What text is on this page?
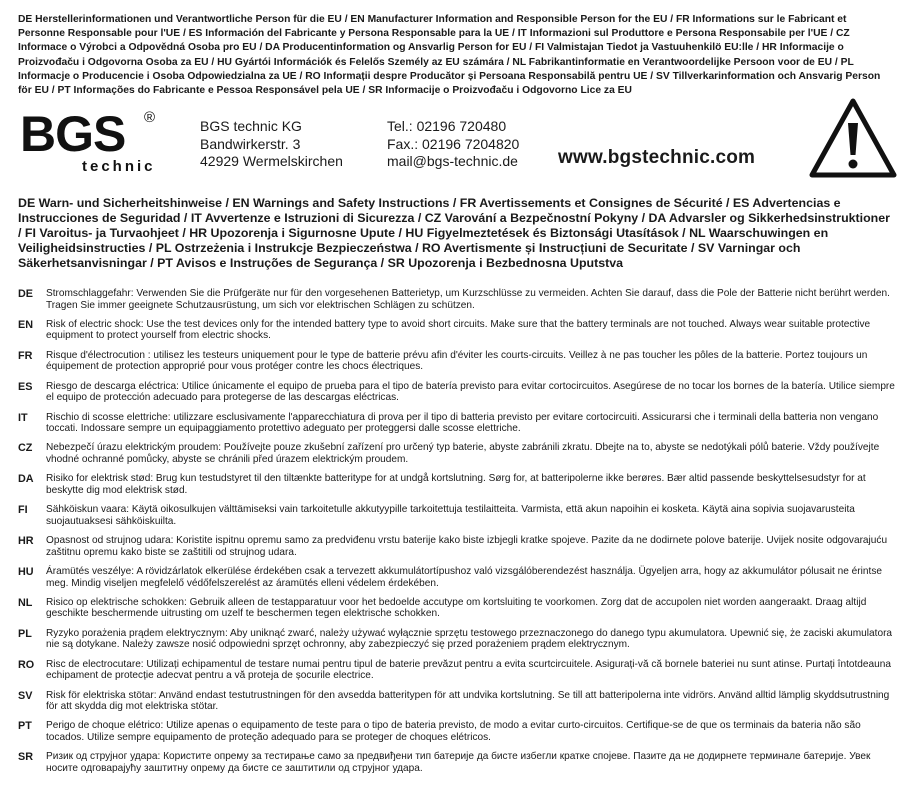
DE Herstellerinformationen und Verantwortliche Person für die EU / EN Manufacturer Information and Responsible Person for the EU / FR Informations sur le Fabricant et Personne Responsable pour l'UE / ES Información del Fabricante y Persona Responsable para la UE / IT Informazioni sul Produttore e Persona Responsabile per l'UE / CZ Informace o Výrobci a Odpovědná Osoba pro EU / DA Producentinformation og Ansvarlig Person for EU / FI Valmistajan Tiedot ja Vastuuhenkilö EU:lle / HR Informacije o Proizvođaču i Odgovorna Osoba za EU / HU Gyártói Információk és Felelős Személy az EU számára / NL Fabrikantinformatie en Verantwoordelijke Persoon voor de EU / PL Informacje o Producencie i Osoba Odpowiedzialna za UE / RO Informații despre Producător și Persoana Responsabilă pentru UE / SV Tillverkarinformation och Ansvarig Person för EU / PT Informações do Fabricante e Pessoa Responsável pela UE / SR Informacije o Proizvođaču i Odgovorno Lice za EU
BGS ®
technic
BGS technic KG
Bandwirkerstr. 3
42929 Wermelskirchen
Tel.: 02196 720480
Fax.: 02196 7204820
mail@bgs-technic.de www.bgstechnic.com
DE Warn- und Sicherheitshinweise / EN Warnings and Safety Instructions / FR Avertissements et Consignes de Sécurité / ES Advertencias e Instrucciones de Seguridad / IT Avvertenze e Istruzioni di Sicurezza / CZ Varování a Bezpečnostní Pokyny / DA Advarsler og Sikkerhedsinstruktioner / FI Varoitus- ja Turvaohjeet / HR Upozorenja i Sigurnosne Upute / HU Figyelmeztetések és Biztonsági Utasítások / NL Waarschuwingen en Veiligheidsinstructies / PL Ostrzeżenia i Instrukcje Bezpieczeństwa / RO Avertismente și Instrucțiuni de Securitate / SV Varningar och Säkerhetsanvisningar / PT Avisos e Instruções de Segurança / SR Upozorenja i Bezbednosna Uputstva
DE	Stromschlaggefahr: Verwenden Sie die Prüfgeräte nur für den vorgesehenen Batterietyp, um Kurzschlüsse zu vermeiden. Achten Sie darauf, dass die Pole der Batterie nicht berührt werden. Tragen Sie immer geeignete Schutzausrüstung, um sich vor elektrischen Schlägen zu schützen.
EN	Risk of electric shock: Use the test devices only for the intended battery type to avoid short circuits. Make sure that the battery terminals are not touched. Always wear suitable protective equipment to protect yourself from electric shocks.
FR	Risque d'électrocution : utilisez les testeurs uniquement pour le type de batterie prévu afin d'éviter les courts-circuits. Veillez à ne pas toucher les pôles de la batterie. Portez toujours un équipement de protection approprié pour vous protéger contre les chocs électriques.
ES	Riesgo de descarga eléctrica: Utilice únicamente el equipo de prueba para el tipo de batería previsto para evitar cortocircuitos. Asegúrese de no tocar los bornes de la batería. Utilice siempre el equipo de protección adecuado para protegerse de las descargas eléctricas.
IT	Rischio di scosse elettriche: utilizzare esclusivamente l'apparecchiatura di prova per il tipo di batteria previsto per evitare cortocircuiti. Assicurarsi che i terminali della batteria non vengano toccati. Indossare sempre un equipaggiamento protettivo adeguato per proteggersi dalle scosse elettriche.
CZ	Nebezpečí úrazu elektrickým proudem: Používejte pouze zkušební zařízení pro určený typ baterie, abyste zabránili zkratu. Dbejte na to, abyste se nedotýkali pólů baterie. Vždy používejte vhodné ochranné pomůcky, abyste se chránili před úrazem elektrickým proudem.
DA	Risiko for elektrisk stød: Brug kun testudstyret til den tiltænkte batteritype for at undgå kortslutning. Sørg for, at batteripolerne ikke berøres. Bær altid passende beskyttelsesudstyr for at beskytte dig mod elektrisk stød.
FI	Sähköiskun vaara: Käytä oikosulkujen välttämiseksi vain tarkoitetulle akkutyypille tarkoitettuja testilaitteita. Varmista, että akun napoihin ei kosketa. Käytä aina sopivia suojavarusteita suojautuaksesi sähköiskuilta.
HR	Opasnost od strujnog udara: Koristite ispitnu opremu samo za predviđenu vrstu baterije kako biste izbjegli kratke spojeve. Pazite da ne dodirnete polove baterije. Uvijek nosite odgovarajuću zaštitnu opremu kako biste se zaštitili od strujnog udara.
HU	Áramütés veszélye: A rövidzárlatok elkerülése érdekében csak a tervezett akkumulátortípushoz való vizsgálóberendezést használja. Ügyeljen arra, hogy az akkumulátor pólusait ne érintse meg. Mindig viseljen megfelelő védőfelszerelést az áramütés elleni védelem érdekében.
NL	Risico op elektrische schokken: Gebruik alleen de testapparatuur voor het bedoelde accutype om kortsluiting te voorkomen. Zorg dat de accupolen niet worden aangeraakt. Draag altijd geschikte beschermende uitrusting om uzelf te beschermen tegen elektrische schokken.
PL	Ryzyko porażenia prądem elektrycznym: Aby uniknąć zwarć, należy używać wyłącznie sprzętu testowego przeznaczonego do danego typu akumulatora. Upewnić się, że zaciski akumulatora nie są dotykane. Należy zawsze nosić odpowiedni sprzęt ochronny, aby zabezpieczyć się przed porażeniem prądem elektrycznym.
RO	Risc de electrocutare: Utilizați echipamentul de testare numai pentru tipul de baterie prevăzut pentru a evita scurtcircuitele. Asigurați-vă că bornele bateriei nu sunt atinse. Purtați întotdeauna echipament de protecție adecvat pentru a vă proteja de șocurile electrice.
SV	Risk för elektriska stötar: Använd endast testutrustningen för den avsedda batteritypen för att undvika kortslutning. Se till att batteripolerna inte vidrörs. Använd alltid lämplig skyddsutrustning för att skydda dig mot elektriska stötar.
PT	Perigo de choque elétrico: Utilize apenas o equipamento de teste para o tipo de bateria previsto, de modo a evitar curto-circuitos. Certifique-se de que os terminais da bateria não são tocados. Utilize sempre equipamento de proteção adequado para se proteger de choques elétricos.
SR	Ризик од струјног удара: Користите опрему за тестирање само за предвиђени тип батерије да бисте избегли кратке спојеве. Пазите да не додирнете терминале батерије. Увек носите одговарајућу заштитну опрему да бисте се заштитили од струјног удара.
